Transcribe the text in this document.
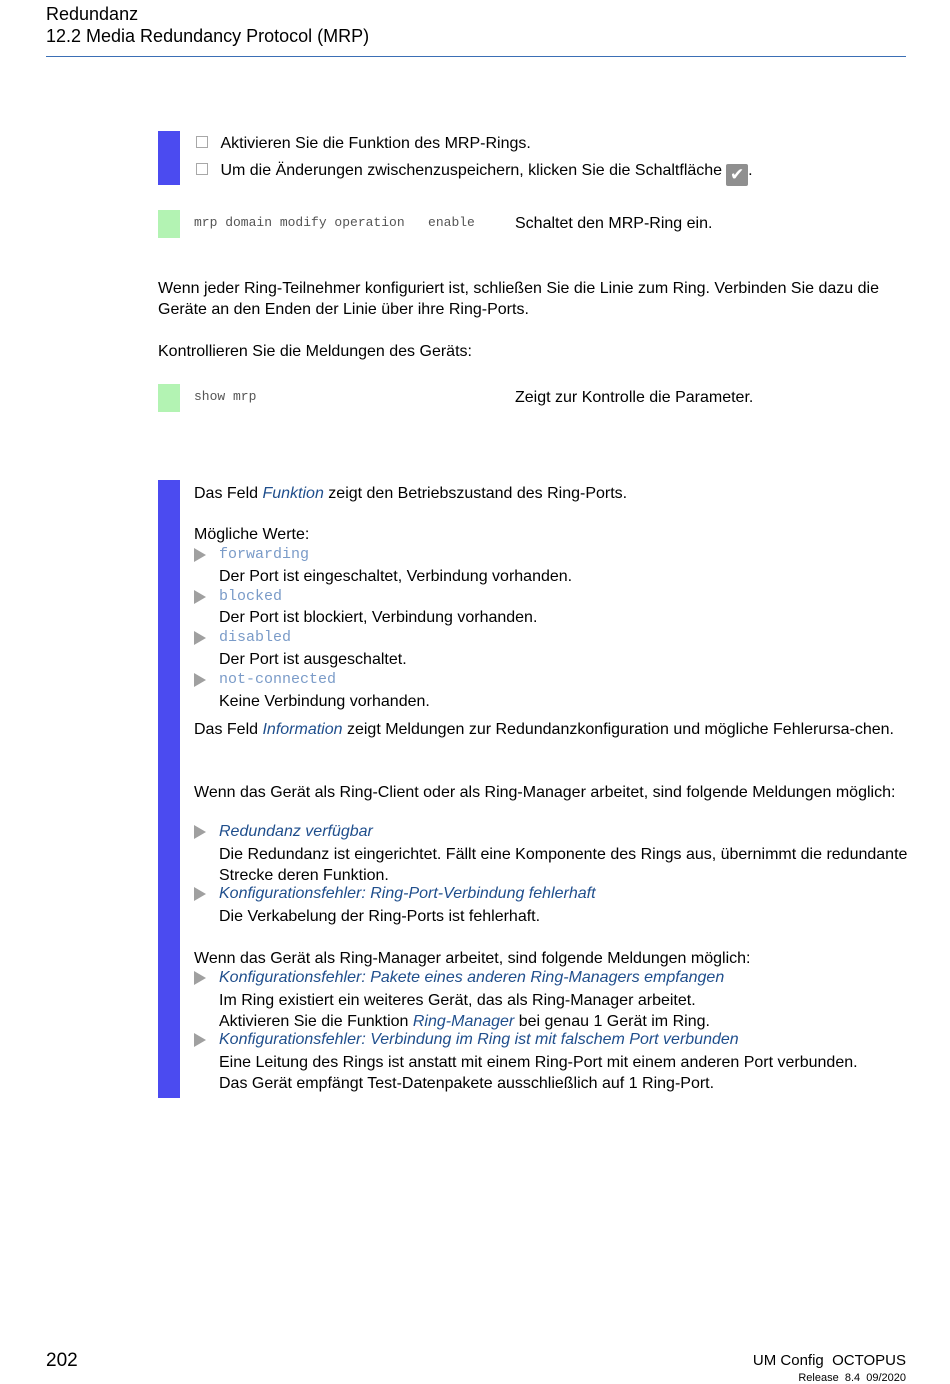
Redundanz
12.2 Media Redundancy Protocol (MRP)
Aktivieren Sie die Funktion des MRP-Rings.
Um die Änderungen zwischenzuspeichern, klicken Sie die Schaltfläche ✔ .
mrp domain modify operation   enable	Schaltet den MRP-Ring ein.
Wenn jeder Ring-Teilnehmer konfiguriert ist, schließen Sie die Linie zum Ring. Verbinden Sie dazu die Geräte an den Enden der Linie über ihre Ring-Ports.
Kontrollieren Sie die Meldungen des Geräts:
show mrp	Zeigt zur Kontrolle die Parameter.
Das Feld Funktion zeigt den Betriebszustand des Ring-Ports.
Mögliche Werte:
forwarding
Der Port ist eingeschaltet, Verbindung vorhanden.
blocked
Der Port ist blockiert, Verbindung vorhanden.
disabled
Der Port ist ausgeschaltet.
not-connected
Keine Verbindung vorhanden.
Das Feld Information zeigt Meldungen zur Redundanzkonfiguration und mögliche Fehlerursa-chen.
Wenn das Gerät als Ring-Client oder als Ring-Manager arbeitet, sind folgende Meldungen möglich:
Redundanz verfügbar
Die Redundanz ist eingerichtet. Fällt eine Komponente des Rings aus, übernimmt die redundante Strecke deren Funktion.
Konfigurationsfehler: Ring-Port-Verbindung fehlerhaft
Die Verkabelung der Ring-Ports ist fehlerhaft.
Wenn das Gerät als Ring-Manager arbeitet, sind folgende Meldungen möglich:
Konfigurationsfehler: Pakete eines anderen Ring-Managers empfangen
Im Ring existiert ein weiteres Gerät, das als Ring-Manager arbeitet.
Aktivieren Sie die Funktion Ring-Manager bei genau 1 Gerät im Ring.
Konfigurationsfehler: Verbindung im Ring ist mit falschem Port verbunden
Eine Leitung des Rings ist anstatt mit einem Ring-Port mit einem anderen Port verbunden.
Das Gerät empfängt Test-Datenpakete ausschließlich auf 1 Ring-Port.
202	UM Config  OCTOPUS
Release  8.4  09/2020
